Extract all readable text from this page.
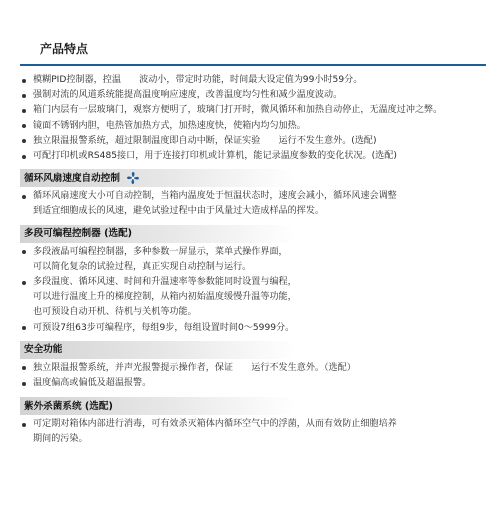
产品特点
模糊PID控制器，控温　　波动小，带定时功能，时间最大设定值为99小时59分。
强制对流的风道系统能提高温度响应速度，改善温度均匀性和减少温度波动。
箱门内层有一层玻璃门，观察方便明了，玻璃门打开时，微风循环和加热自动停止，无温度过冲之弊。
镜面不锈钢内胆，电热管加热方式，加热速度快，使箱内均匀加热。
独立限温报警系统，超过限制温度即自动中断，保证实验　　运行不发生意外。(选配)
可配打印机或RS485接口，用于连接打印机或计算机，能记录温度参数的变化状况。(选配)
循环风扇速度自动控制
循环风扇速度大小可自动控制，当箱内温度处于恒温状态时，速度会减小，循环风速会调整
到适宜细胞成长的风速，避免试验过程中由于风量过大造成样品的挥发。
多段可编程控制器 (选配)
多段液晶可编程控制器，多种参数一屏显示，菜单式操作界面，
可以简化复杂的试验过程，真正实现自动控制与运行。
多段温度、循环风速、时间和升温速率等参数能同时设置与编程，
可以进行温度上升的梯度控制，从箱内初始温度缓慢升温等功能，
也可预设自动开机、待机与关机等功能。
可预设7组63步可编程序，每组9步，每组设置时间0～5999分。
安全功能
独立限温报警系统，并声光报警提示操作者，保证　　运行不发生意外。（选配）
温度偏高或偏低及超温报警。
紫外杀菌系统 (选配)
可定期对箱体内部进行消毒，可有效杀灭箱体内循环空气中的浮菌，从而有效防止细胞培养
期间的污染。
